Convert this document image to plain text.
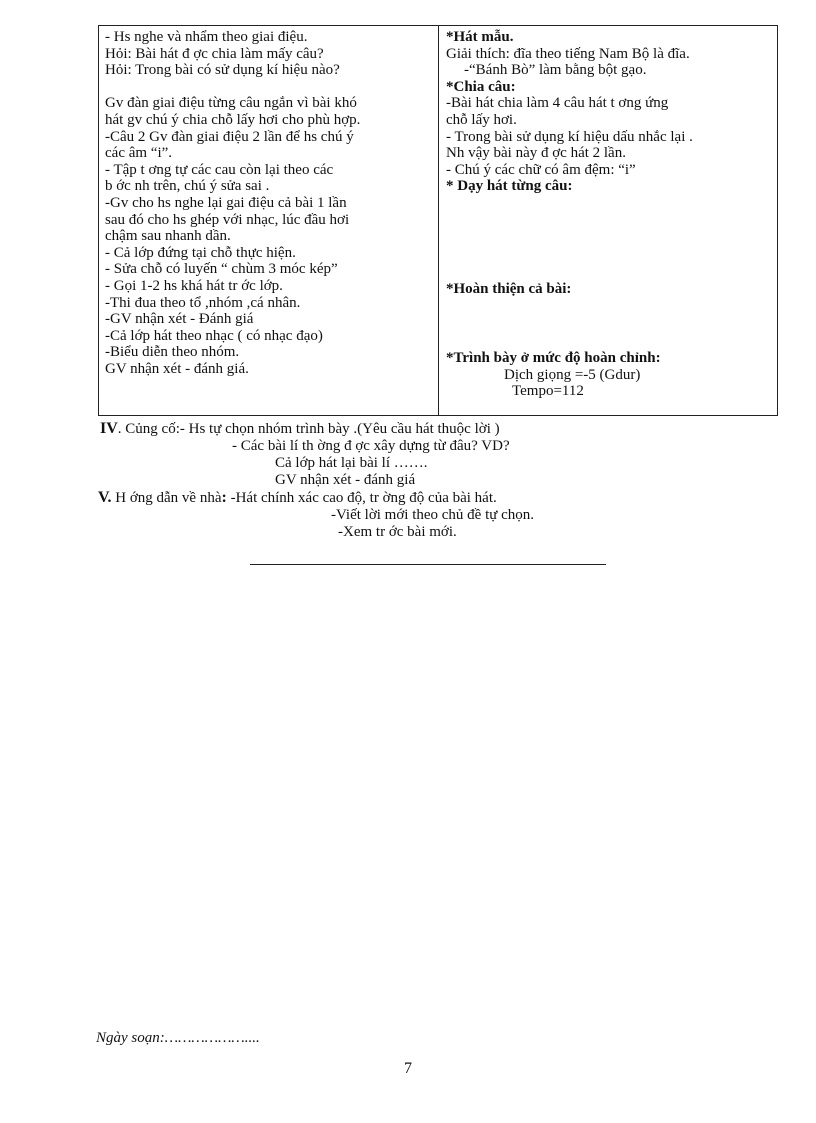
- Hs nghe và nhẩm theo giai điệu.
Hỏi: Bài hát đ ợc chia làm mấy câu?
Hỏi: Trong bài có sử dụng kí hiệu nào?
Gv đàn giai điệu từng câu ngắn vì bài khó
hát gv chú ý chia chỗ lấy hơi cho phù hợp.
-Câu 2 Gv đàn giai điệu 2 lần để hs chú ý
các âm “i”.
- Tập t ơng tự các cau còn lại theo các
b ớc nh trên, chú ý sửa sai .
-Gv cho hs nghe lại gai điệu cả bài 1 lần
sau đó cho hs ghép với nhạc, lúc đầu hơi
chậm sau nhanh dần.
- Cả lớp đứng tại chỗ thực hiện.
- Sửa chỗ có luyến “ chùm 3 móc kép”
- Gọi 1-2 hs khá hát tr ớc lớp.
-Thi đua theo tổ ,nhóm ,cá nhân.
-GV nhận xét - Đánh giá
-Cả lớp hát theo nhạc ( có nhạc đạo)
-Biểu diễn theo nhóm.
GV nhận xét - đánh giá.
*Hát mẫu.
Giải thích: đĩa theo tiếng Nam Bộ là đĩa.
-“Bánh Bò” làm bằng bột gạo.
*Chia câu:
-Bài hát chia làm 4 câu hát t ơng ứng
chỗ lấy hơi.
- Trong bài sử dụng kí hiệu dấu nhắc lại .
Nh vậy bài này đ ợc hát 2 lần.
- Chú ý các chữ có âm đệm: “i”
* Dạy hát từng câu:
*Hoàn thiện cả bài:
*Trình bày ở mức độ hoàn chỉnh:
Dịch giọng =-5 (Gdur)
Tempo=112
IV. Củng cố:- Hs tự chọn nhóm trình bày .(Yêu cầu hát thuộc lời )
- Các bài lí th ờng đ ợc xây dựng từ đâu? VD?
Cả lớp hát lại bài lí …….
GV nhận xét - đánh giá
V. H ớng dẫn về nhà: -Hát chính xác cao độ, tr ờng độ của bài hát.
-Viết lời mới theo chủ đề tự chọn.
-Xem tr ớc bài mới.
Ngày soạn:………………....
7
